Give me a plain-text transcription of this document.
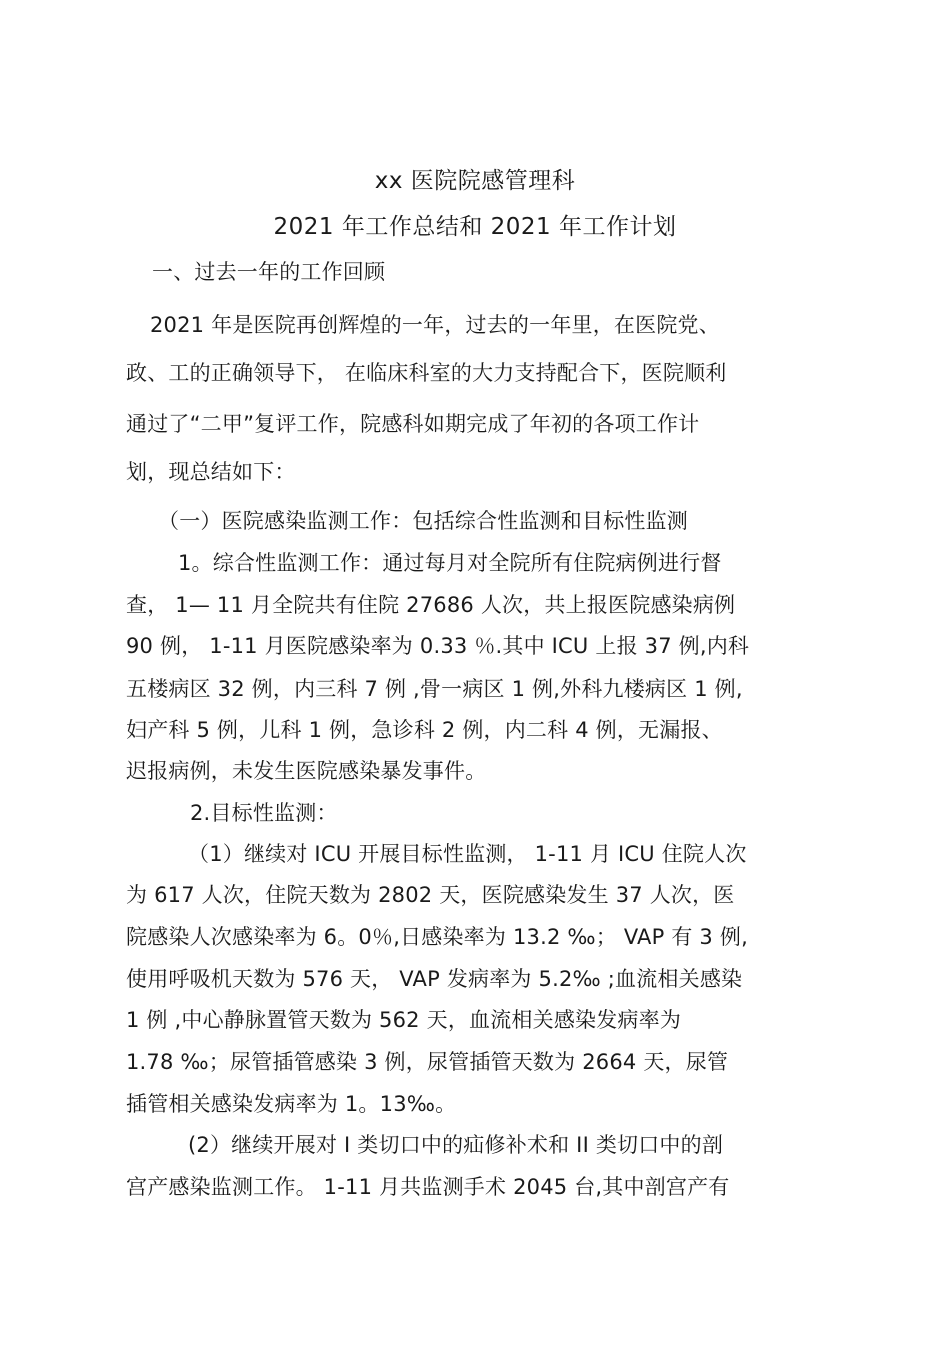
xx 医院院感管理科
2021 年工作总结和 2021 年工作计划
一、过去一年的工作回顾
2021 年是医院再创辉煌的一年，过去的一年里，在医院党、
政、工的正确领导下， 在临床科室的大力支持配合下，医院顺利
通过了“二甲”复评工作，院感科如期完成了年初的各项工作计
划，现总结如下：
（一）医院感染监测工作：包括综合性监测和目标性监测
1。综合性监测工作：通过每月对全院所有住院病例进行督
查， 1— 11 月全院共有住院 27686 人次，共上报医院感染病例
90 例， 1-11 月医院感染率为 0.33 ％.其中 ICU 上报 37 例,内科
五楼病区 32 例，内三科 7 例 ,骨一病区 1 例,外科九楼病区 1 例,
妇产科 5 例，儿科 1 例，急诊科 2 例，内二科 4 例，无漏报、
迟报病例，未发生医院感染暴发事件。
2.目标性监测：
（1）继续对 ICU 开展目标性监测， 1-11 月 ICU 住院人次
为 617 人次，住院天数为 2802 天，医院感染发生 37 人次，医
院感染人次感染率为 6。0％,日感染率为 13.2 ‰； VAP 有 3 例,
使用呼吸机天数为 576 天， VAP 发病率为 5.2‰ ;血流相关感染
1 例 ,中心静脉置管天数为 562 天，血流相关感染发病率为
1.78 ‰；尿管插管感染 3 例，尿管插管天数为 2664 天，尿管
插管相关感染发病率为 1。13‰。
(2）继续开展对 I 类切口中的疝修补术和 II 类切口中的剖
宫产感染监测工作。 1-11 月共监测手术 2045 台,其中剖宫产有
